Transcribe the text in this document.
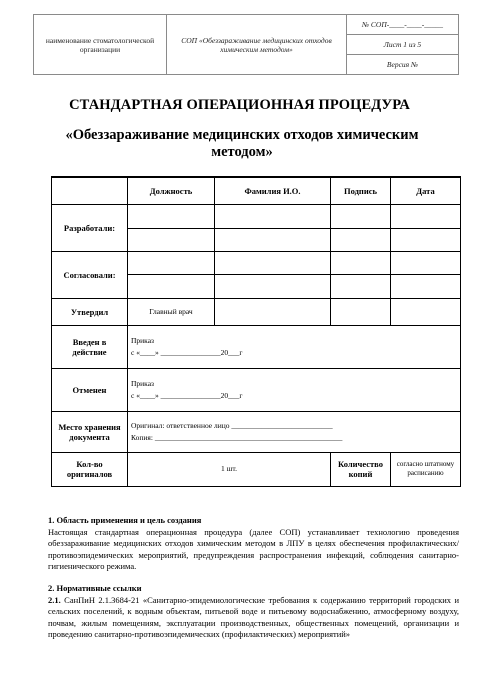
наименование стоматологической организации	СОП «Обеззараживание медицинских отходов химическим методом»	№ СОП-____-____-_____
Лист 1 из 5
Версия №
СТАНДАРТНАЯ ОПЕРАЦИОННАЯ ПРОЦЕДУРА
«Обеззараживание медицинских отходов химическим методом»
	Должность	Фамилия И.О.	Подпись	Дата
Разработали:				

Согласовали:				

Утвердил	Главный врач			
Введен в действие	Приказ
с «____» ________________20___г			

Отменен	Приказ
с «____» ________________20___г			

Место хранения документа	Оригинал: ответственное лицо ___________________________
Копия: __________________________________________________			

Кол-во оригиналов	1 шт.		Количество копий	согласно штатному расписанию
1. Область применения и цель создания
Настоящая стандартная операционная процедура (далее СОП) устанавливает технологию проведения обеззараживание медицинских отходов химическим методом в ЛПУ в целях обеспечения профилактических/противоэпидемических мероприятий, предупреждения распространения инфекций, соблюдения санитарно-гигиенического режима.
2. Нормативные ссылки
2.1. СанПиН 2.1.3684-21 «Санитарно-эпидемиологические требования к содержанию территорий городских и сельских поселений, к водным объектам, питьевой воде и питьевому водоснабжению, атмосферному воздуху, почвам, жилым помещениям, эксплуатации производственных, общественных помещений, организации и проведению санитарно-противоэпидемических (профилактических) мероприятий»
